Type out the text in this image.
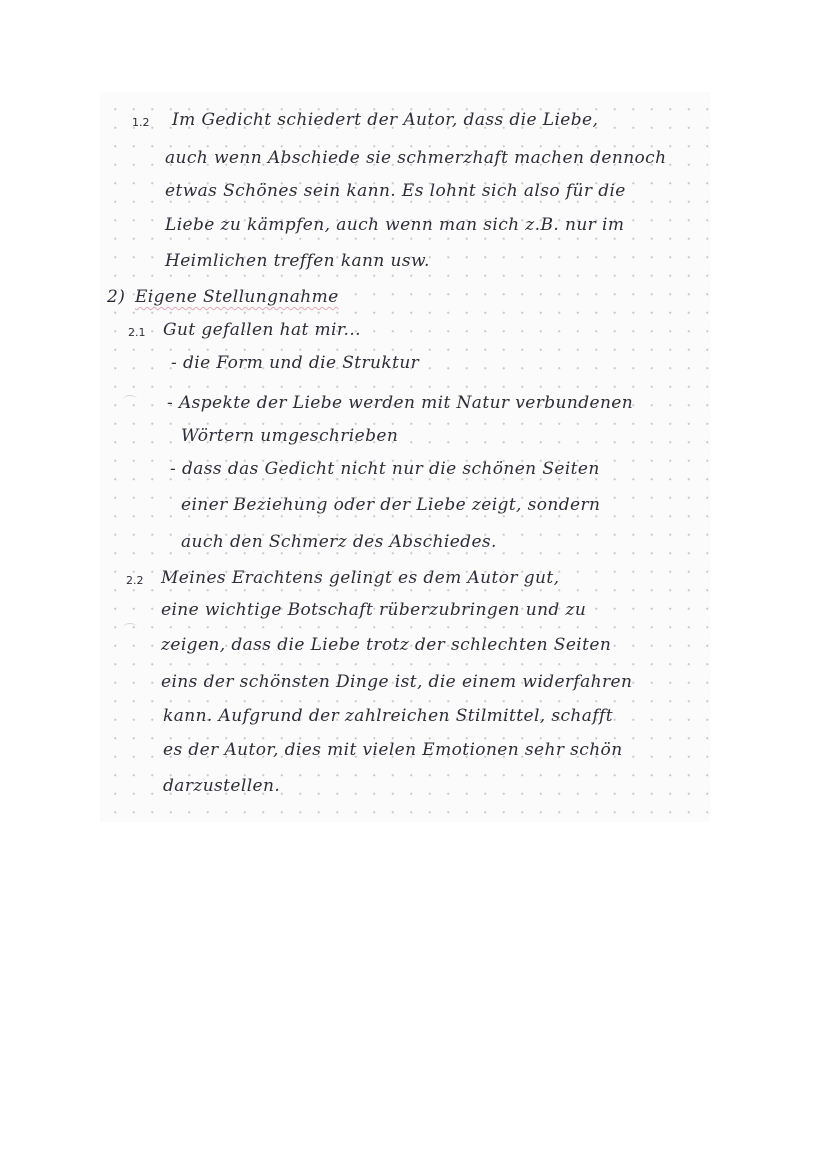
1.2 Im Gedicht schiedert der Autor, dass die Liebe,
auch wenn Abschiede sie schmerzhaft machen dennoch
etwas Schönes sein kann. Es lohnt sich also für die
Liebe zu kämpfen, auch wenn man sich z.B. nur im
Heimlichen treffen kann usw.
2) Eigene Stellungnahme
2.1 Gut gefallen hat mir...
- die Form und die Struktur
- Aspekte der Liebe werden mit Natur verbundenen
Wörtern umgeschrieben
- dass das Gedicht nicht nur die schönen Seiten
einer Beziehung oder der Liebe zeigt, sondern
auch den Schmerz des Abschiedes.
2.2 Meines Erachtens gelingt es dem Autor gut,
eine wichtige Botschaft rüberzubringen und zu
zeigen, dass die Liebe trotz der schlechten Seiten
eins der schönsten Dinge ist, die einem widerfahren
kann. Aufgrund der zahlreichen Stilmittel, schafft
es der Autor, dies mit vielen Emotionen sehr schön
darzustellen.
